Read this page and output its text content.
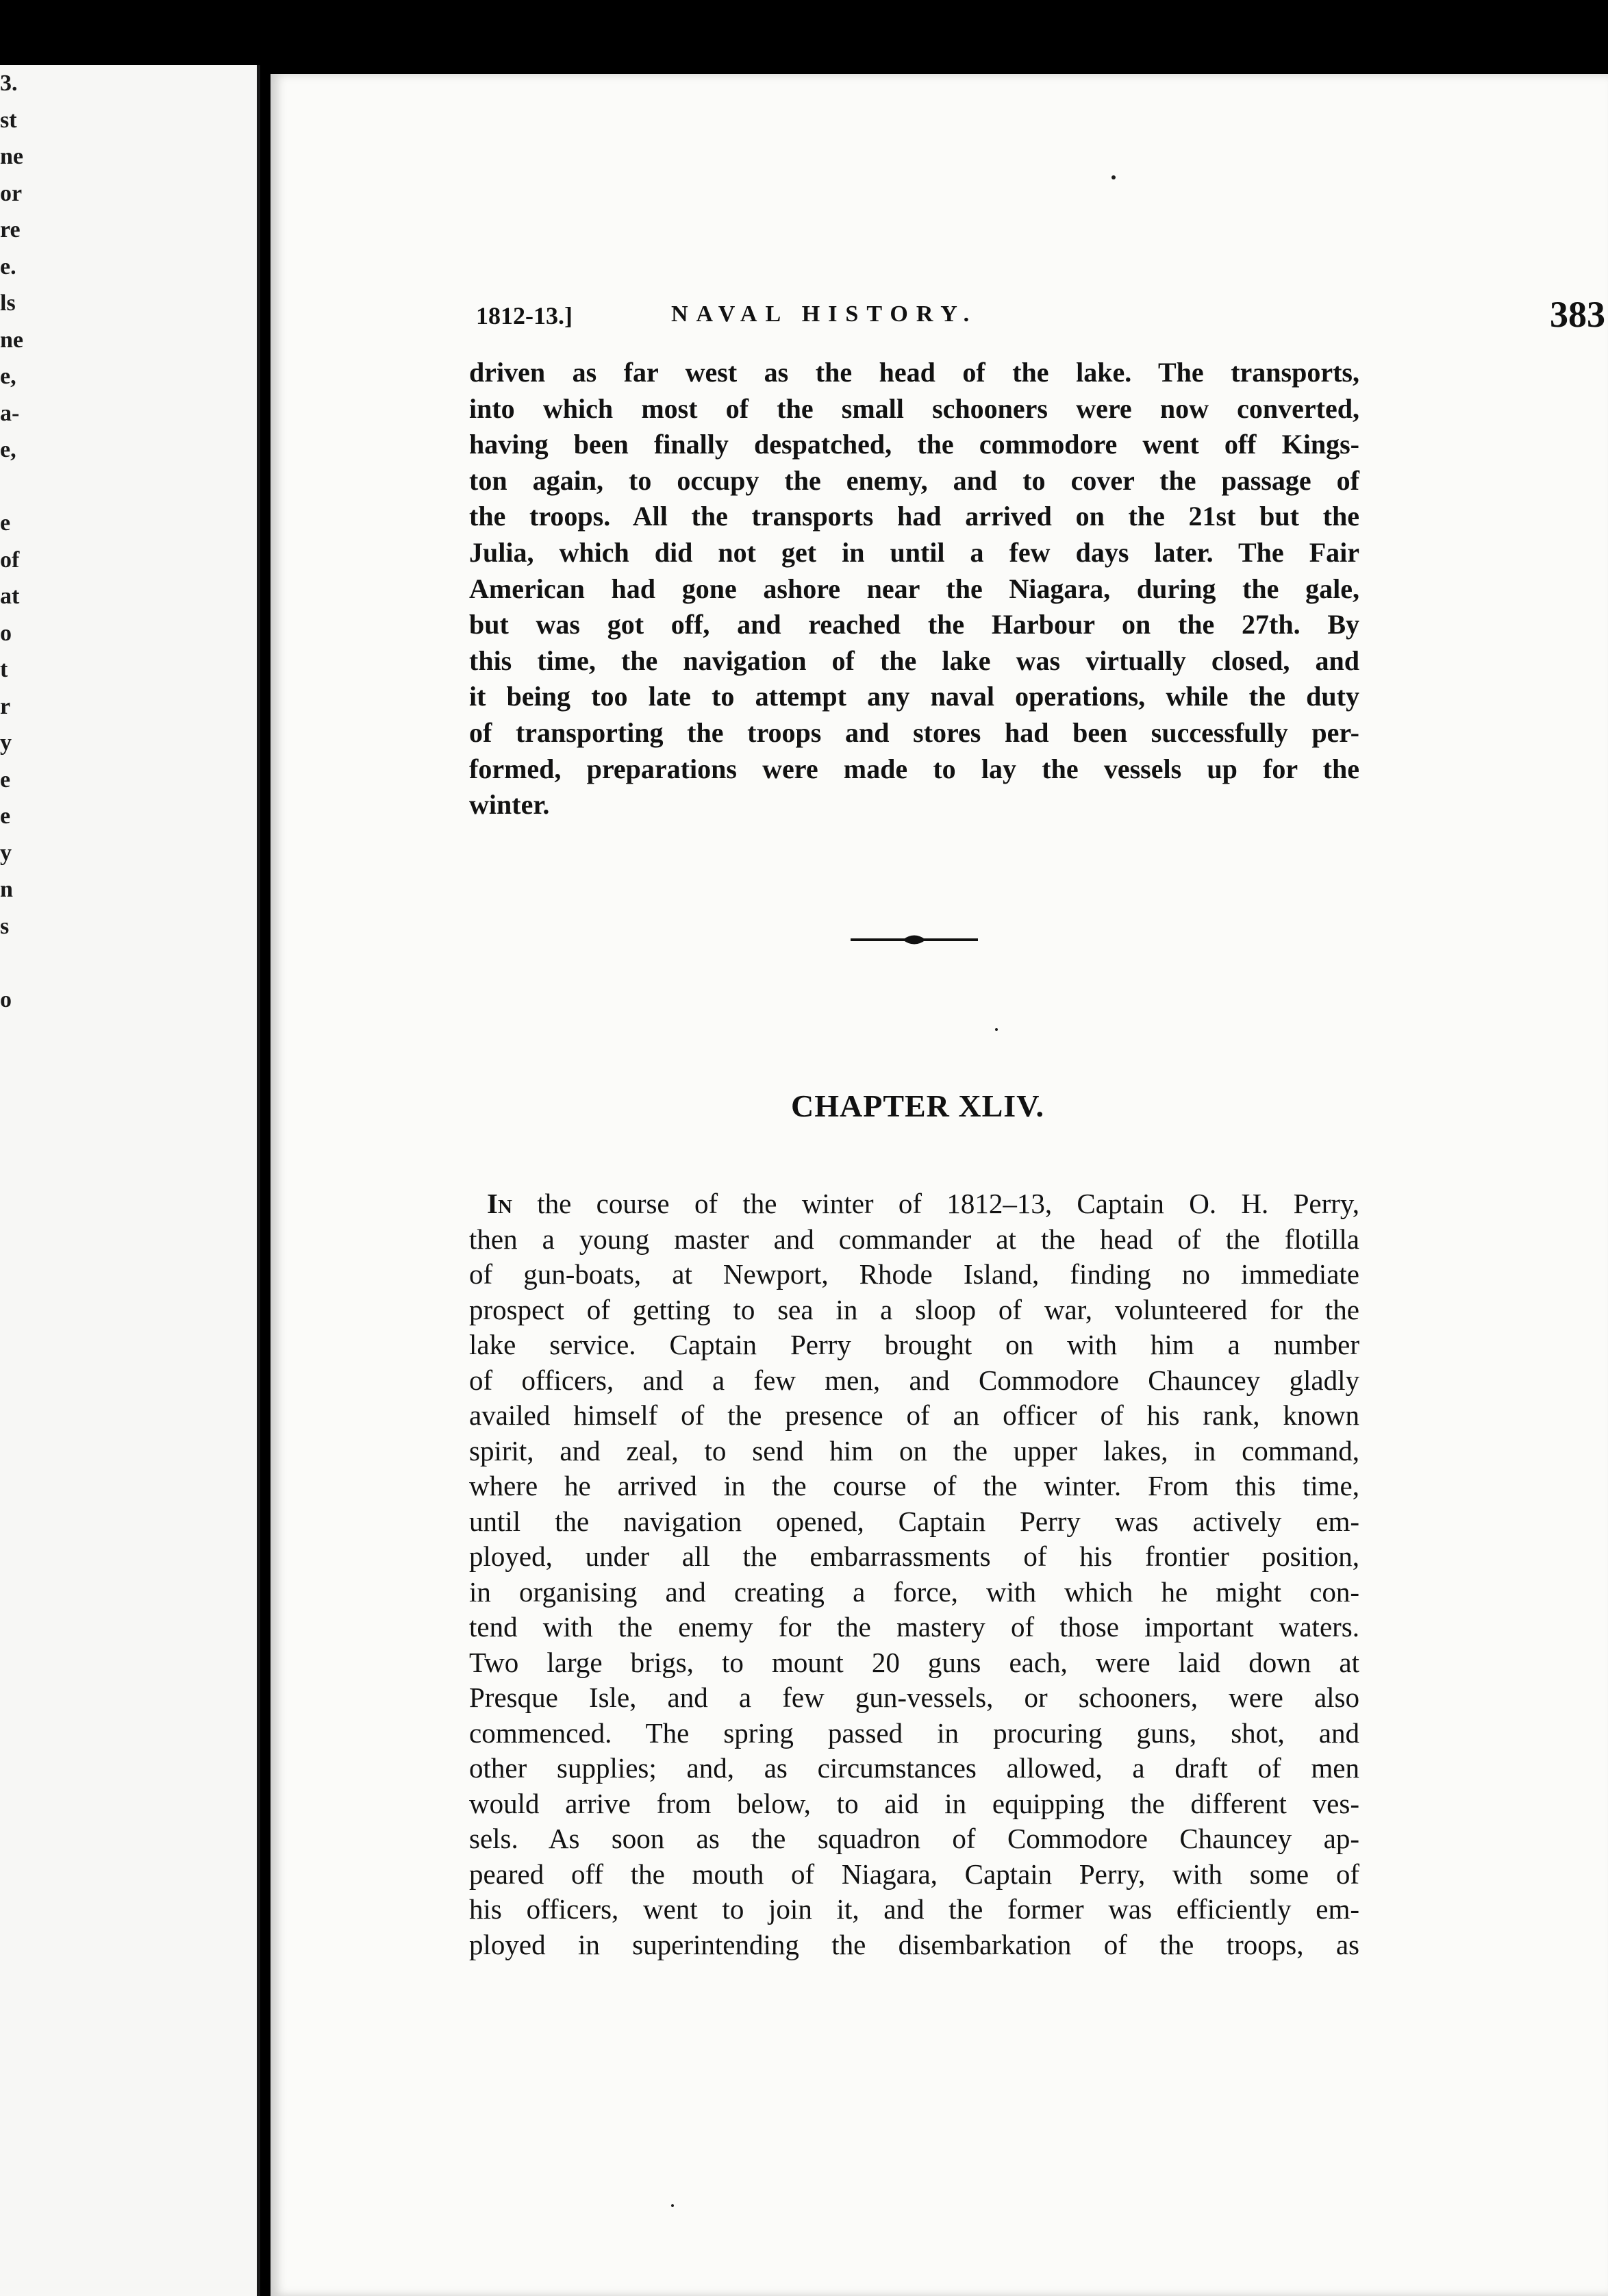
3.
st
ne
or
re
e.
ls
ne
e,
a-
e,
e
of
at
o
t
r
y
e
e
y
n
s
o
1812-13.]	NAVAL HISTORY.	383
driven as far west as the head of the lake. The transports,
into which most of the small schooners were now converted,
having been finally despatched, the commodore went off Kings-
ton again, to occupy the enemy, and to cover the passage of
the troops. All the transports had arrived on the 21st but the
Julia, which did not get in until a few days later. The Fair
American had gone ashore near the Niagara, during the gale,
but was got off, and reached the Harbour on the 27th. By
this time, the navigation of the lake was virtually closed, and
it being too late to attempt any naval operations, while the duty
of transporting the troops and stores had been successfully per-
formed, preparations were made to lay the vessels up for the
winter.
CHAPTER XLIV.
In the course of the winter of 1812–13, Captain O. H. Perry,
then a young master and commander at the head of the flotilla
of gun-boats, at Newport, Rhode Island, finding no immediate
prospect of getting to sea in a sloop of war, volunteered for the
lake service. Captain Perry brought on with him a number
of officers, and a few men, and Commodore Chauncey gladly
availed himself of the presence of an officer of his rank, known
spirit, and zeal, to send him on the upper lakes, in command,
where he arrived in the course of the winter. From this time,
until the navigation opened, Captain Perry was actively em-
ployed, under all the embarrassments of his frontier position,
in organising and creating a force, with which he might con-
tend with the enemy for the mastery of those important waters.
Two large brigs, to mount 20 guns each, were laid down at
Presque Isle, and a few gun-vessels, or schooners, were also
commenced. The spring passed in procuring guns, shot, and
other supplies; and, as circumstances allowed, a draft of men
would arrive from below, to aid in equipping the different ves-
sels. As soon as the squadron of Commodore Chauncey ap-
peared off the mouth of Niagara, Captain Perry, with some of
his officers, went to join it, and the former was efficiently em-
ployed in superintending the disembarkation of the troops, as
